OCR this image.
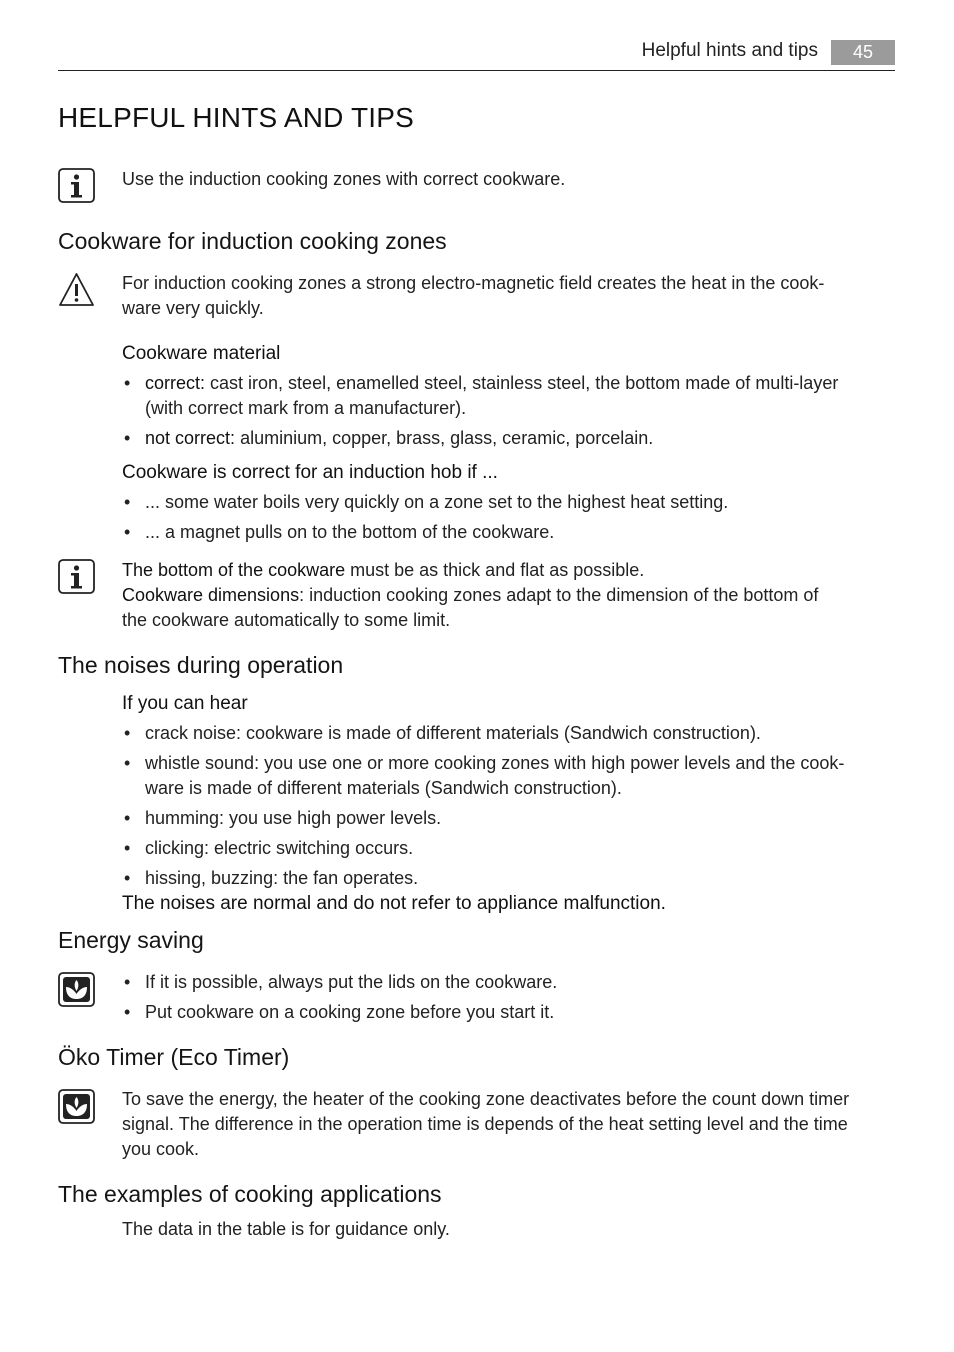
Helpful hints and tips	45
HELPFUL HINTS AND TIPS
Use the induction cooking zones with correct cookware.
Cookware for induction cooking zones
For induction cooking zones a strong electro-magnetic field creates the heat in the cook-
ware very quickly.
Cookware material
• correct: cast iron, steel, enamelled steel, stainless steel, the bottom made of multi-layer
(with correct mark from a manufacturer).
• not correct: aluminium, copper, brass, glass, ceramic, porcelain.
Cookware is correct for an induction hob if ...
• ... some water boils very quickly on a zone set to the highest heat setting.
• ... a magnet pulls on to the bottom of the cookware.
The bottom of the cookware must be as thick and flat as possible.
Cookware dimensions: induction cooking zones adapt to the dimension of the bottom of
the cookware automatically to some limit.
The noises during operation
If you can hear
• crack noise: cookware is made of different materials (Sandwich construction).
• whistle sound: you use one or more cooking zones with high power levels and the cook-
ware is made of different materials (Sandwich construction).
• humming: you use high power levels.
• clicking: electric switching occurs.
• hissing, buzzing: the fan operates.
The noises are normal and do not refer to appliance malfunction.
Energy saving
• If it is possible, always put the lids on the cookware.
• Put cookware on a cooking zone before you start it.
Öko Timer (Eco Timer)
To save the energy, the heater of the cooking zone deactivates before the count down timer
signal. The difference in the operation time is depends of the heat setting level and the time
you cook.
The examples of cooking applications
The data in the table is for guidance only.
